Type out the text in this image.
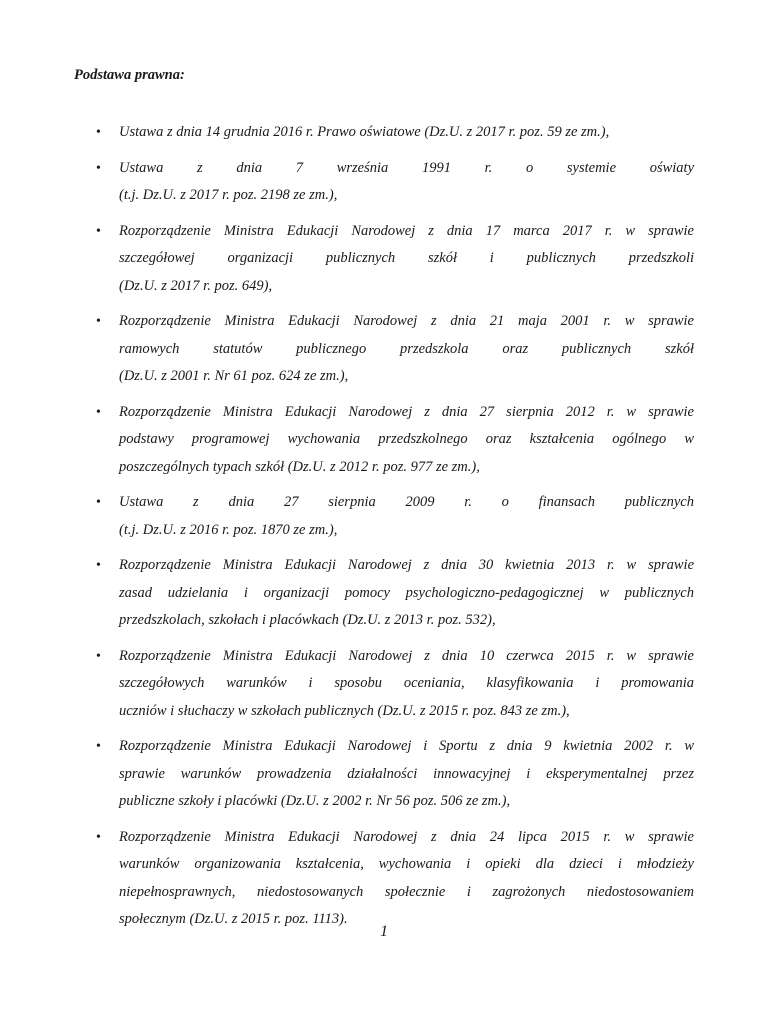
Podstawa prawna:

• Ustawa z dnia 14 grudnia 2016 r. Prawo oświatowe (Dz.U. z 2017 r. poz. 59 ze zm.),
• Ustawa z dnia 7 września 1991 r. o systemie oświaty
(t.j. Dz.U. z 2017 r. poz. 2198 ze zm.),
• Rozporządzenie Ministra Edukacji Narodowej z dnia 17 marca 2017 r. w sprawie
szczegółowej organizacji publicznych szkół i publicznych przedszkoli
(Dz.U. z 2017 r. poz. 649),
• Rozporządzenie Ministra Edukacji Narodowej z dnia 21 maja 2001 r. w sprawie
ramowych statutów publicznego przedszkola oraz publicznych szkół
(Dz.U. z 2001 r. Nr 61 poz. 624 ze zm.),
• Rozporządzenie Ministra Edukacji Narodowej z dnia 27 sierpnia 2012 r. w sprawie
podstawy programowej wychowania przedszkolnego oraz kształcenia ogólnego w
poszczególnych typach szkół (Dz.U. z 2012 r. poz. 977 ze zm.),
• Ustawa z dnia 27 sierpnia 2009 r. o finansach publicznych
(t.j. Dz.U. z 2016 r. poz. 1870 ze zm.),
• Rozporządzenie Ministra Edukacji Narodowej z dnia 30 kwietnia 2013 r. w sprawie
zasad udzielania i organizacji pomocy psychologiczno-pedagogicznej w publicznych
przedszkolach, szkołach i placówkach (Dz.U. z 2013 r. poz. 532),
• Rozporządzenie Ministra Edukacji Narodowej z dnia 10 czerwca 2015 r. w sprawie
szczegółowych warunków i sposobu oceniania, klasyfikowania i promowania
uczniów i słuchaczy w szkołach publicznych (Dz.U. z 2015 r. poz. 843 ze zm.),
• Rozporządzenie Ministra Edukacji Narodowej i Sportu z dnia 9 kwietnia 2002 r. w
sprawie warunków prowadzenia działalności innowacyjnej i eksperymentalnej przez
publiczne szkoły i placówki (Dz.U. z 2002 r. Nr 56 poz. 506 ze zm.),
• Rozporządzenie Ministra Edukacji Narodowej z dnia 24 lipca 2015 r. w sprawie
warunków organizowania kształcenia, wychowania i opieki dla dzieci i młodzieży
niepełnosprawnych, niedostosowanych społecznie i zagrożonych niedostosowaniem
społecznym (Dz.U. z 2015 r. poz. 1113).

1
